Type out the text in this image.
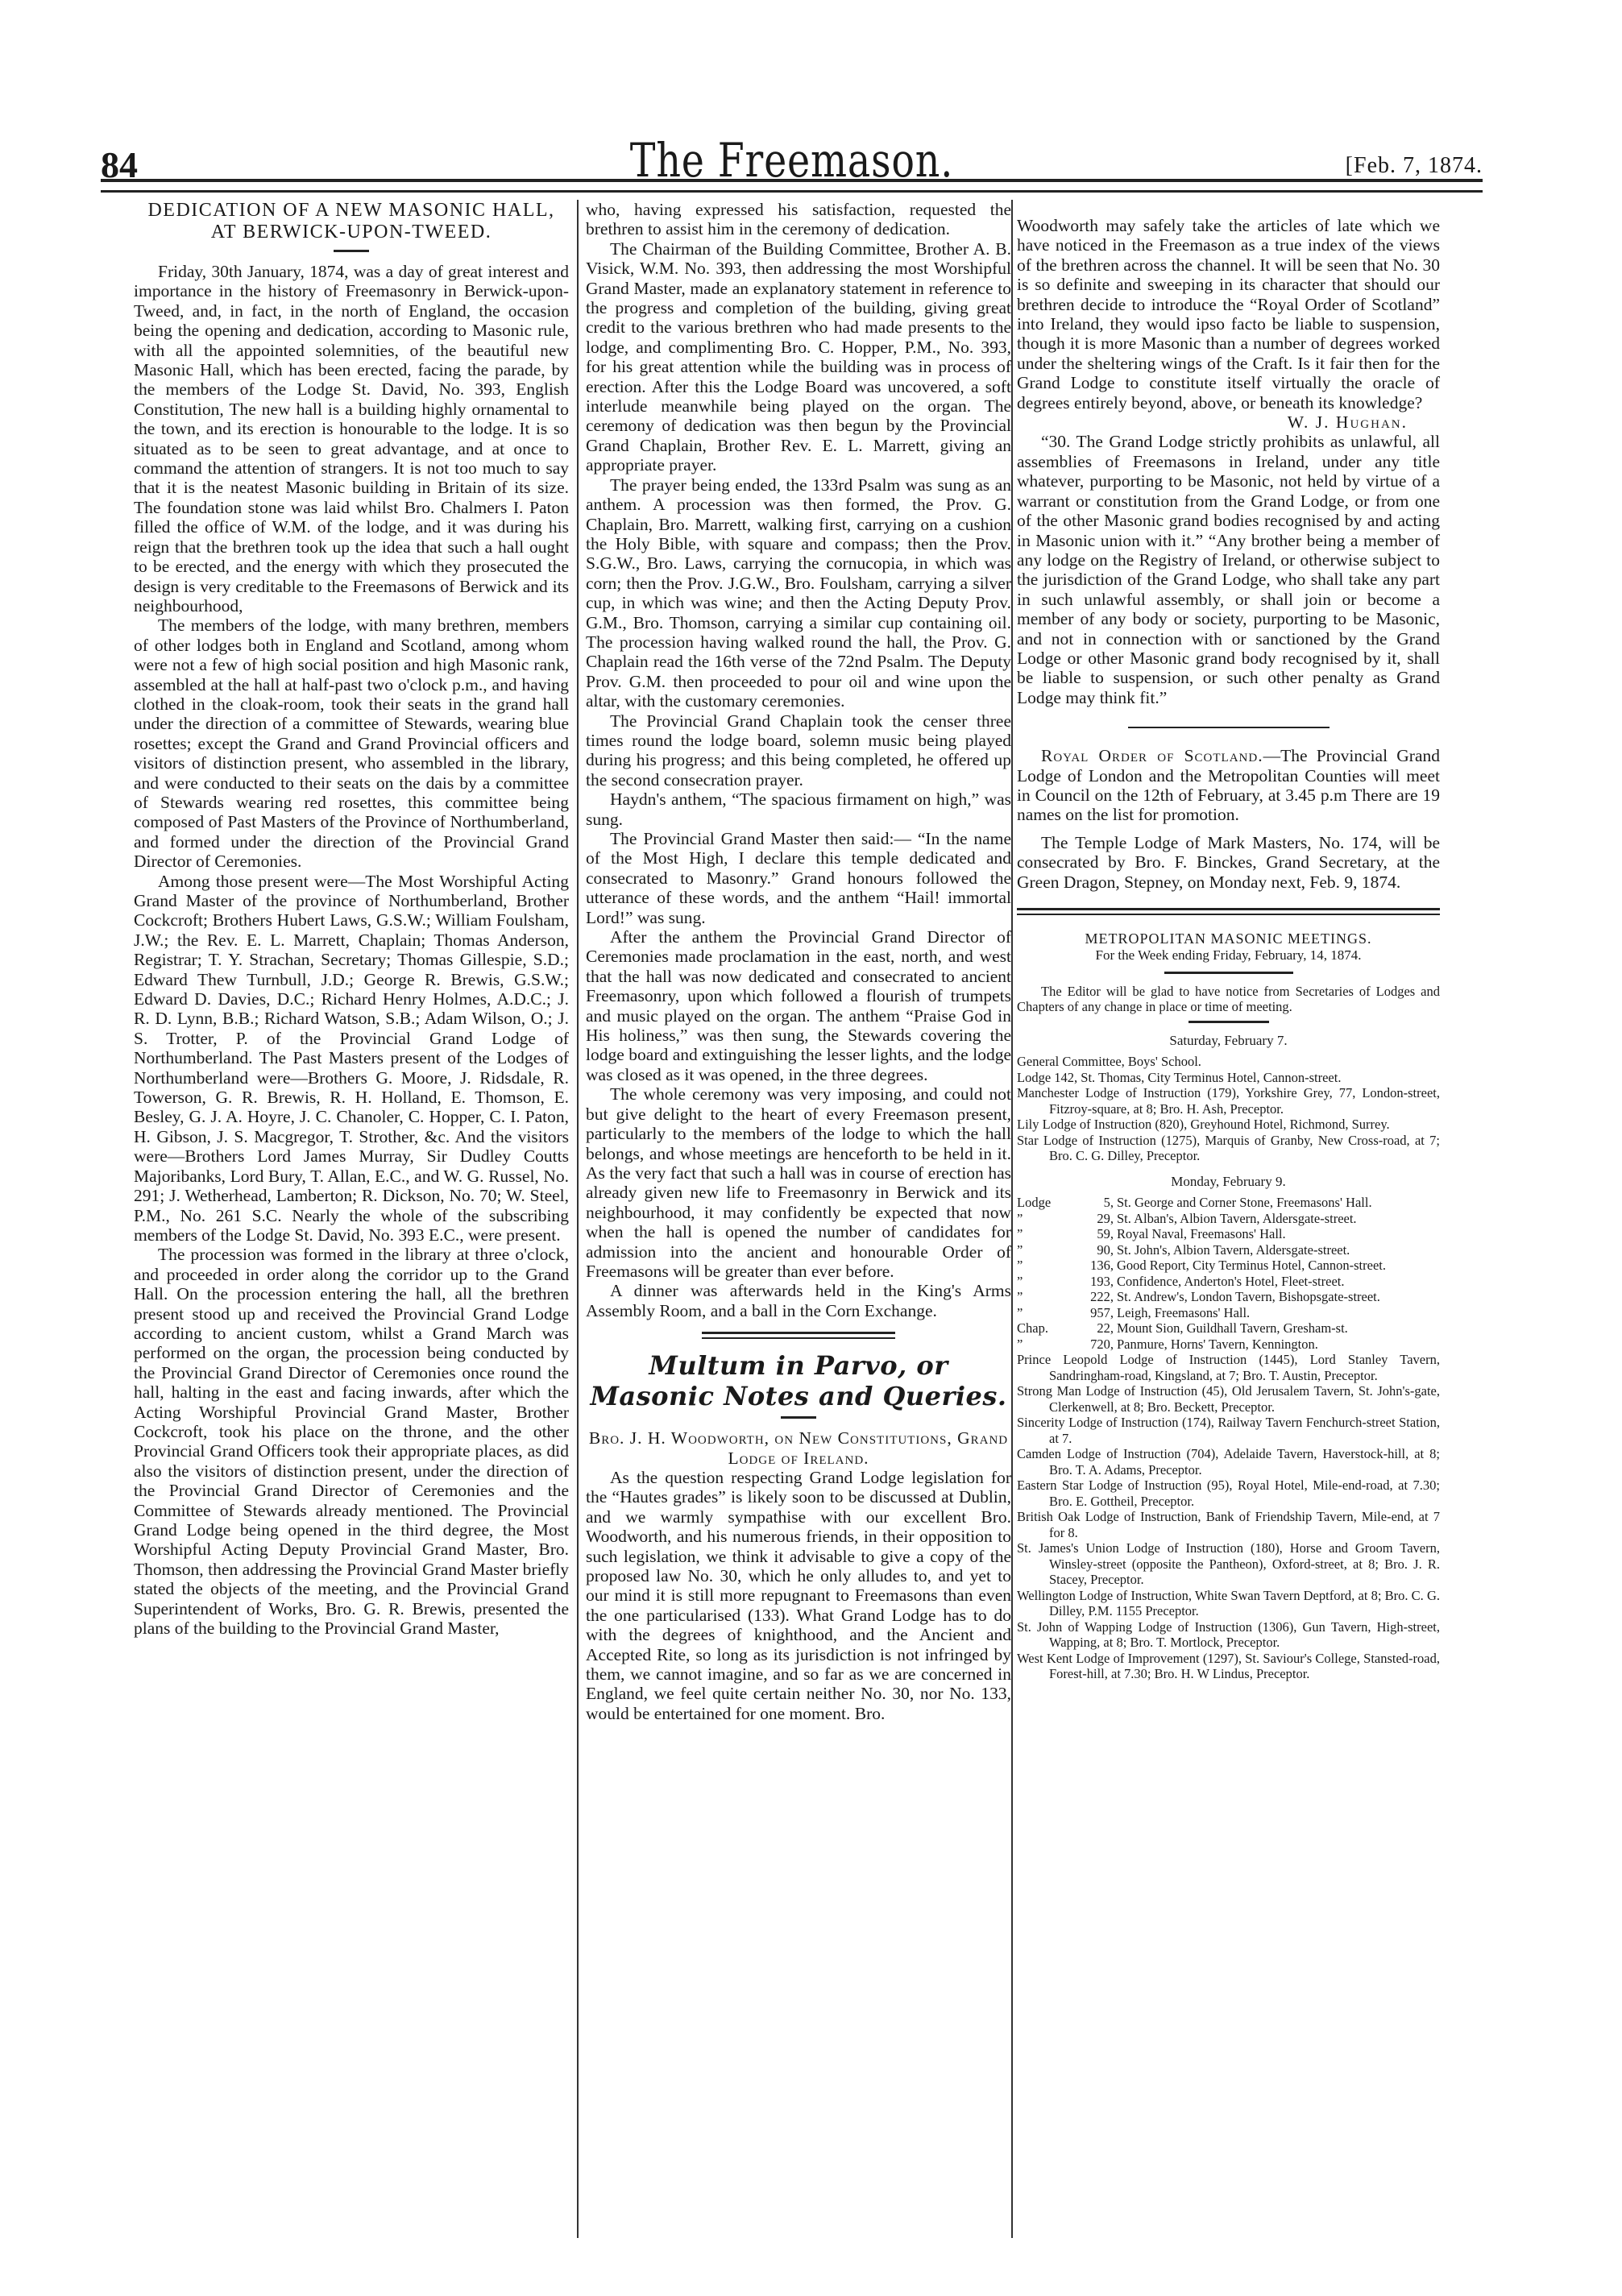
84	The Freemason.	[Feb. 7, 1874.
DEDICATION OF A NEW MASONIC HALL, AT BERWICK-UPON-TWEED.

Friday, 30th January, 1874, was a day of great interest and importance in the history of Freemasonry in Berwick-upon-Tweed, and, in fact, in the north of England, the occasion being the opening and dedication, according to Masonic rule, with all the appointed solemnities, of the beautiful new Masonic Hall, which has been erected, facing the parade, by the members of the Lodge St. David, No. 393, English Constitution, The new hall is a building highly ornamental to the town, and its erection is honourable to the lodge. It is so situated as to be seen to great advantage, and at once to command the attention of strangers. It is not too much to say that it is the neatest Masonic building in Britain of its size. The foundation stone was laid whilst Bro. Chalmers I. Paton filled the office of W.M. of the lodge, and it was during his reign that the brethren took up the idea that such a hall ought to be erected, and the energy with which they prosecuted the design is very creditable to the Freemasons of Berwick and its neighbourhood,

The members of the lodge, with many brethren, members of other lodges both in England and Scotland, among whom were not a few of high social position and high Masonic rank, assembled at the hall at half-past two o'clock p.m., and having clothed in the cloak-room, took their seats in the grand hall under the direction of a committee of Stewards, wearing blue rosettes; except the Grand and Grand Provincial officers and visitors of distinction present, who assembled in the library, and were conducted to their seats on the dais by a committee of Stewards wearing red rosettes, this committee being composed of Past Masters of the Province of Northumberland, and formed under the direction of the Provincial Grand Director of Ceremonies.

Among those present were—The Most Worshipful Acting Grand Master of the province of Northumberland, Brother Cockcroft; Brothers Hubert Laws, G.S.W.; William Foulsham, J.W.; the Rev. E. L. Marrett, Chaplain; Thomas Anderson, Registrar; T. Y. Strachan, Secretary; Thomas Gillespie, S.D.; Edward Thew Turnbull, J.D.; George R. Brewis, G.S.W.; Edward D. Davies, D.C.; Richard Henry Holmes, A.D.C.; J. R. D. Lynn, B.B.; Richard Watson, S.B.; Adam Wilson, O.; J. S. Trotter, P. of the Provincial Grand Lodge of Northumberland. The Past Masters present of the Lodges of Northumberland were—Brothers G. Moore, J. Ridsdale, R. Towerson, G. R. Brewis, R. H. Holland, E. Thomson, E. Besley, G. J. A. Hoyre, J. C. Chanoler, C. Hopper, C. I. Paton, H. Gibson, J. S. Macgregor, T. Strother, &c. And the visitors were—Brothers Lord James Murray, Sir Dudley Coutts Majoribanks, Lord Bury, T. Allan, E.C., and W. G. Russel, No. 291; J. Wetherhead, Lamberton; R. Dickson, No. 70; W. Steel, P.M., No. 261 S.C. Nearly the whole of the subscribing members of the Lodge St. David, No. 393 E.C., were present.

The procession was formed in the library at three o'clock, and proceeded in order along the corridor up to the Grand Hall. On the procession entering the hall, all the brethren present stood up and received the Provincial Grand Lodge according to ancient custom, whilst a Grand March was performed on the organ, the procession being conducted by the Provincial Grand Director of Ceremonies once round the hall, halting in the east and facing inwards, after which the Acting Worshipful Provincial Grand Master, Brother Cockcroft, took his place on the throne, and the other Provincial Grand Officers took their appropriate places, as did also the visitors of distinction present, under the direction of the Provincial Grand Director of Ceremonies and the Committee of Stewards already mentioned. The Provincial Grand Lodge being opened in the third degree, the Most Worshipful Acting Deputy Provincial Grand Master, Bro. Thomson, then addressing the Provincial Grand Master briefly stated the objects of the meeting, and the Provincial Grand Superintendent of Works, Bro. G. R. Brewis, presented the plans of the building to the Provincial Grand Master,

who, having expressed his satisfaction, requested the brethren to assist him in the ceremony of dedication.

The Chairman of the Building Committee, Brother A. B. Visick, W.M. No. 393, then addressing the most Worshipful Grand Master, made an explanatory statement in reference to the progress and completion of the building, giving great credit to the various brethren who had made presents to the lodge, and complimenting Bro. C. Hopper, P.M., No. 393, for his great attention while the building was in process of erection. After this the Lodge Board was uncovered, a soft interlude meanwhile being played on the organ. The ceremony of dedication was then begun by the Provincial Grand Chaplain, Brother Rev. E. L. Marrett, giving an appropriate prayer.

The prayer being ended, the 133rd Psalm was sung as an anthem. A procession was then formed, the Prov. G. Chaplain, Bro. Marrett, walking first, carrying on a cushion the Holy Bible, with square and compass; then the Prov. S.G.W., Bro. Laws, carrying the cornucopia, in which was corn; then the Prov. J.G.W., Bro. Foulsham, carrying a silver cup, in which was wine; and then the Acting Deputy Prov. G.M., Bro. Thomson, carrying a similar cup containing oil. The procession having walked round the hall, the Prov. G. Chaplain read the 16th verse of the 72nd Psalm. The Deputy Prov. G.M. then proceeded to pour oil and wine upon the altar, with the customary ceremonies.

The Provincial Grand Chaplain took the censer three times round the lodge board, solemn music being played during his progress; and this being completed, he offered up the second consecration prayer.

Haydn's anthem, “The spacious firmament on high,” was sung.

The Provincial Grand Master then said:— “In the name of the Most High, I declare this temple dedicated and consecrated to Masonry.” Grand honours followed the utterance of these words, and the anthem “Hail! immortal Lord!” was sung.

After the anthem the Provincial Grand Director of Ceremonies made proclamation in the east, north, and west that the hall was now dedicated and consecrated to ancient Freemasonry, upon which followed a flourish of trumpets and music played on the organ. The anthem “Praise God in His holiness,” was then sung, the Stewards covering the lodge board and extinguishing the lesser lights, and the lodge was closed as it was opened, in the three degrees.

The whole ceremony was very imposing, and could not but give delight to the heart of every Freemason present, particularly to the members of the lodge to which the hall belongs, and whose meetings are henceforth to be held in it. As the very fact that such a hall was in course of erection has already given new life to Freemasonry in Berwick and its neighbourhood, it may confidently be expected that now when the hall is opened the number of candidates for admission into the ancient and honourable Order of Freemasons will be greater than ever before.

A dinner was afterwards held in the King's Arms Assembly Room, and a ball in the Corn Exchange.

Multum in Parvo, or Masonic Notes and Queries.

Bro. J. H. Woodworth, on New Constitutions, Grand Lodge of Ireland.

As the question respecting Grand Lodge legislation for the “Hautes grades” is likely soon to be discussed at Dublin, and we warmly sympathise with our excellent Bro. Woodworth, and his numerous friends, in their opposition to such legislation, we think it advisable to give a copy of the proposed law No. 30, which he only alludes to, and yet to our mind it is still more repugnant to Freemasons than even the one particularised (133). What Grand Lodge has to do with the degrees of knighthood, and the Ancient and Accepted Rite, so long as its jurisdiction is not infringed by them, we cannot imagine, and so far as we are concerned in England, we feel quite certain neither No. 30, nor No. 133, would be entertained for one moment. Bro.

Woodworth may safely take the articles of late which we have noticed in the Freemason as a true index of the views of the brethren across the channel. It will be seen that No. 30 is so definite and sweeping in its character that should our brethren decide to introduce the “Royal Order of Scotland” into Ireland, they would ipso facto be liable to suspension, though it is more Masonic than a number of degrees worked under the sheltering wings of the Craft. Is it fair then for the Grand Lodge to constitute itself virtually the oracle of degrees entirely beyond, above, or beneath its knowledge?

W. J. Hughan.

“30. The Grand Lodge strictly prohibits as unlawful, all assemblies of Freemasons in Ireland, under any title whatever, purporting to be Masonic, not held by virtue of a warrant or constitution from the Grand Lodge, or from one of the other Masonic grand bodies recognised by and acting in Masonic union with it.” “Any brother being a member of any lodge on the Registry of Ireland, or otherwise subject to the jurisdiction of the Grand Lodge, who shall take any part in such unlawful assembly, or shall join or become a member of any body or society, purporting to be Masonic, and not in connection with or sanctioned by the Grand Lodge or other Masonic grand body recognised by it, shall be liable to suspension, or such other penalty as Grand Lodge may think fit.”

Royal Order of Scotland.—The Provincial Grand Lodge of London and the Metropolitan Counties will meet in Council on the 12th of February, at 3.45 p.m There are 19 names on the list for promotion.

The Temple Lodge of Mark Masters, No. 174, will be consecrated by Bro. F. Binckes, Grand Secretary, at the Green Dragon, Stepney, on Monday next, Feb. 9, 1874.

METROPOLITAN MASONIC MEETINGS.
For the Week ending Friday, February, 14, 1874.

The Editor will be glad to have notice from Secretaries of Lodges and Chapters of any change in place or time of meeting.

Saturday, February 7.
General Committee, Boys' School.
Lodge 142, St. Thomas, City Terminus Hotel, Cannon-street.
Manchester Lodge of Instruction (179), Yorkshire Grey, 77, London-street, Fitzroy-square, at 8; Bro. H. Ash, Preceptor.
Lily Lodge of Instruction (820), Greyhound Hotel, Richmond, Surrey.
Star Lodge of Instruction (1275), Marquis of Granby, New Cross-road, at 7; Bro. C. G. Dilley, Preceptor.
Monday, February 9.
Lodge	5, St. George and Corner Stone, Freemasons' Hall.
”	29, St. Alban's, Albion Tavern, Aldersgate-street.
”	59, Royal Naval, Freemasons' Hall.
”	90, St. John's, Albion Tavern, Aldersgate-street.
”	136, Good Report, City Terminus Hotel, Cannon-street.
”	193, Confidence, Anderton's Hotel, Fleet-street.
”	222, St. Andrew's, London Tavern, Bishopsgate-street.
”	957, Leigh, Freemasons' Hall.
Chap.	22, Mount Sion, Guildhall Tavern, Gresham-st.
”	720, Panmure, Horns' Tavern, Kennington.
Prince Leopold Lodge of Instruction (1445), Lord Stanley Tavern, Sandringham-road, Kingsland, at 7; Bro. T. Austin, Preceptor.
Strong Man Lodge of Instruction (45), Old Jerusalem Tavern, St. John's-gate, Clerkenwell, at 8; Bro. Beckett, Preceptor.
Sincerity Lodge of Instruction (174), Railway Tavern Fenchurch-street Station, at 7.
Camden Lodge of Instruction (704), Adelaide Tavern, Haverstock-hill, at 8; Bro. T. A. Adams, Preceptor.
Eastern Star Lodge of Instruction (95), Royal Hotel, Mile-end-road, at 7.30; Bro. E. Gottheil, Preceptor.
British Oak Lodge of Instruction, Bank of Friendship Tavern, Mile-end, at 7 for 8.
St. James's Union Lodge of Instruction (180), Horse and Groom Tavern, Winsley-street (opposite the Pantheon), Oxford-street, at 8; Bro. J. R. Stacey, Preceptor.
Wellington Lodge of Instruction, White Swan Tavern Deptford, at 8; Bro. C. G. Dilley, P.M. 1155 Preceptor.
St. John of Wapping Lodge of Instruction (1306), Gun Tavern, High-street, Wapping, at 8; Bro. T. Mortlock, Preceptor.
West Kent Lodge of Improvement (1297), St. Saviour's College, Stansted-road, Forest-hill, at 7.30; Bro. H. W Lindus, Preceptor.
